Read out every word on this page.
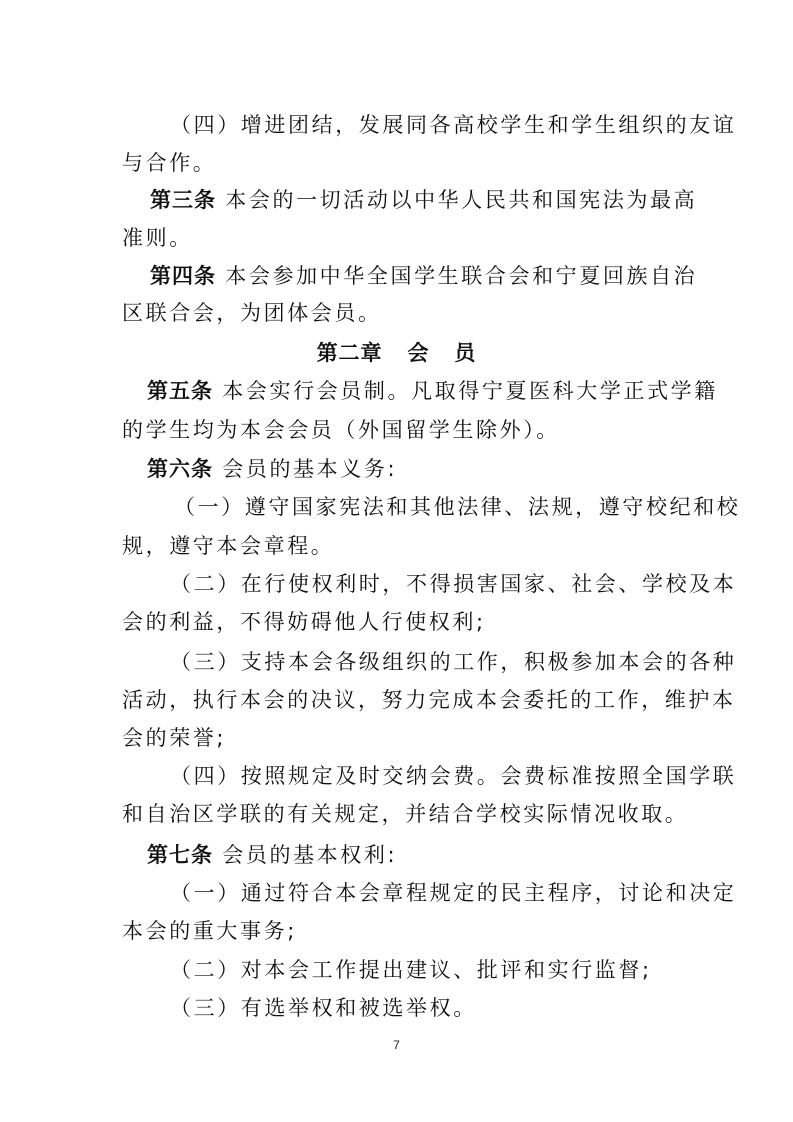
（四）增进团结，发展同各高校学生和学生组织的友谊
与合作。
第三条 本会的一切活动以中华人民共和国宪法为最高
准则。
第四条 本会参加中华全国学生联合会和宁夏回族自治
区联合会，为团体会员。
第二章   会   员
第五条 本会实行会员制。凡取得宁夏医科大学正式学籍
的学生均为本会会员（外国留学生除外）。
第六条 会员的基本义务:
（一）遵守国家宪法和其他法律、法规，遵守校纪和校
规，遵守本会章程。
（二）在行使权利时，不得损害国家、社会、学校及本
会的利益，不得妨碍他人行使权利;
（三）支持本会各级组织的工作，积极参加本会的各种
活动，执行本会的决议，努力完成本会委托的工作，维护本
会的荣誉;
（四）按照规定及时交纳会费。会费标准按照全国学联
和自治区学联的有关规定，并结合学校实际情况收取。
第七条 会员的基本权利:
（一）通过符合本会章程规定的民主程序，讨论和决定
本会的重大事务;
（二）对本会工作提出建议、批评和实行监督;
（三）有选举权和被选举权。
7
